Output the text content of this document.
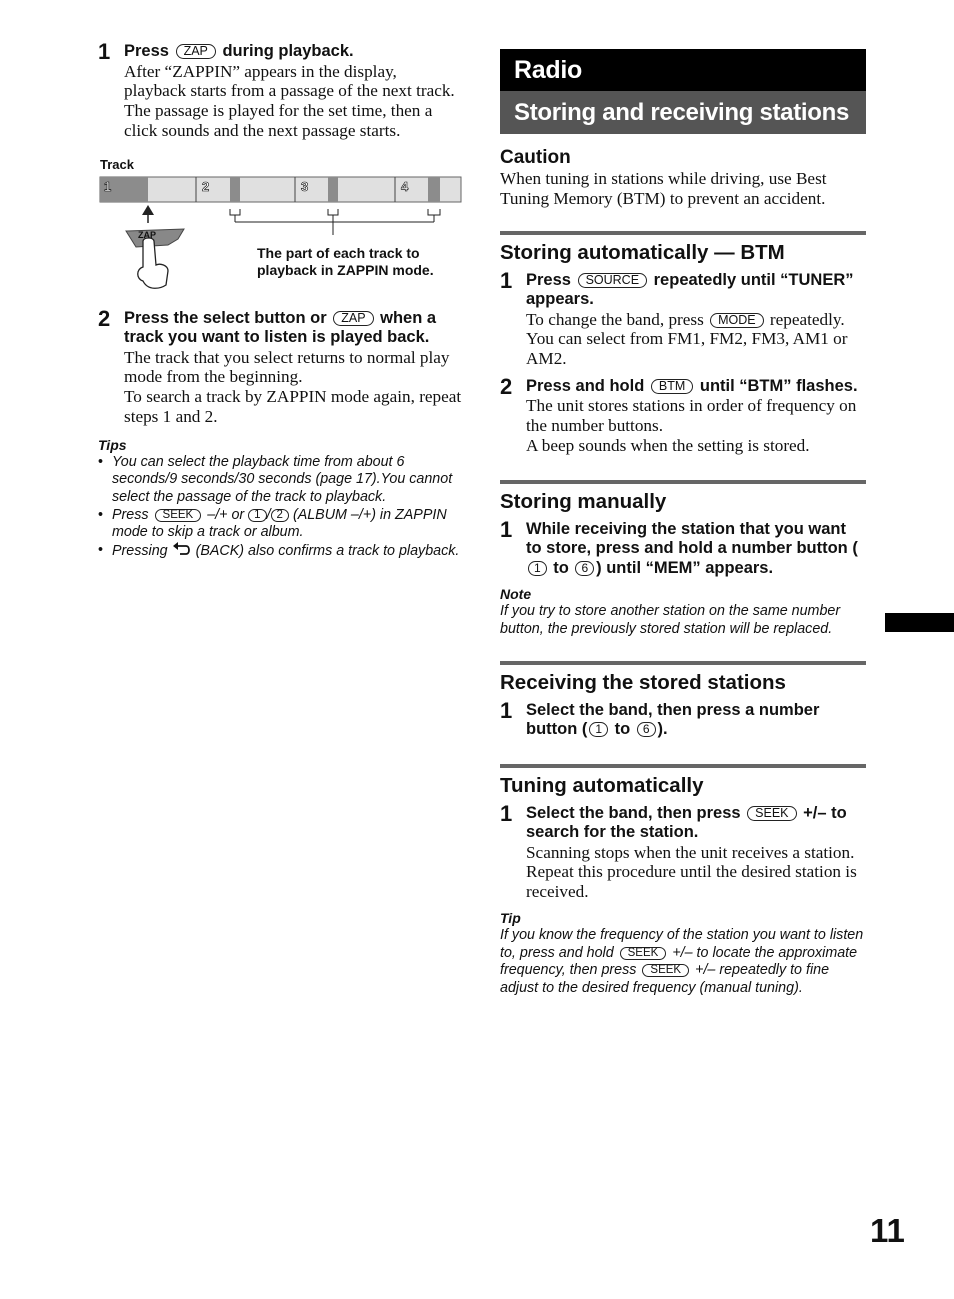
1 Press ZAP during playback.
After “ZAPPIN” appears in the display, playback starts from a passage of the next track.
The passage is played for the set time, then a click sounds and the next passage starts.
Track
1	2	3	4
ZAP
The part of each track to
playback in ZAPPIN mode.
2 Press the select button or ZAP when a track you want to listen is played back.
The track that you select returns to normal play mode from the beginning.
To search a track by ZAPPIN mode again, repeat steps 1 and 2.
Tips
• You can select the playback time from about 6 seconds/9 seconds/30 seconds (page 17).You cannot select the passage of the track to playback.
• Press SEEK –/+ or 1 / 2 (ALBUM –/+) in ZAPPIN mode to skip a track or album.
• Pressing (BACK) also confirms a track to playback.
Radio
Storing and receiving stations
Caution
When tuning in stations while driving, use Best Tuning Memory (BTM) to prevent an accident.
Storing automatically — BTM
1 Press SOURCE repeatedly until “TUNER” appears.
To change the band, press MODE repeatedly. You can select from FM1, FM2, FM3, AM1 or AM2.
2 Press and hold BTM until “BTM” flashes.
The unit stores stations in order of frequency on the number buttons.
A beep sounds when the setting is stored.
Storing manually
1 While receiving the station that you want to store, press and hold a number button (1 to 6 ) until “MEM” appears.
Note
If you try to store another station on the same number button, the previously stored station will be replaced.
Receiving the stored stations
1 Select the band, then press a number button ( 1 to 6 ).
Tuning automatically
1 Select the band, then press SEEK +/– to search for the station.
Scanning stops when the unit receives a station. Repeat this procedure until the desired station is received.
Tip
If you know the frequency of the station you want to listen to, press and hold SEEK +/– to locate the approximate frequency, then press SEEK +/– repeatedly to fine adjust to the desired frequency (manual tuning).
11
